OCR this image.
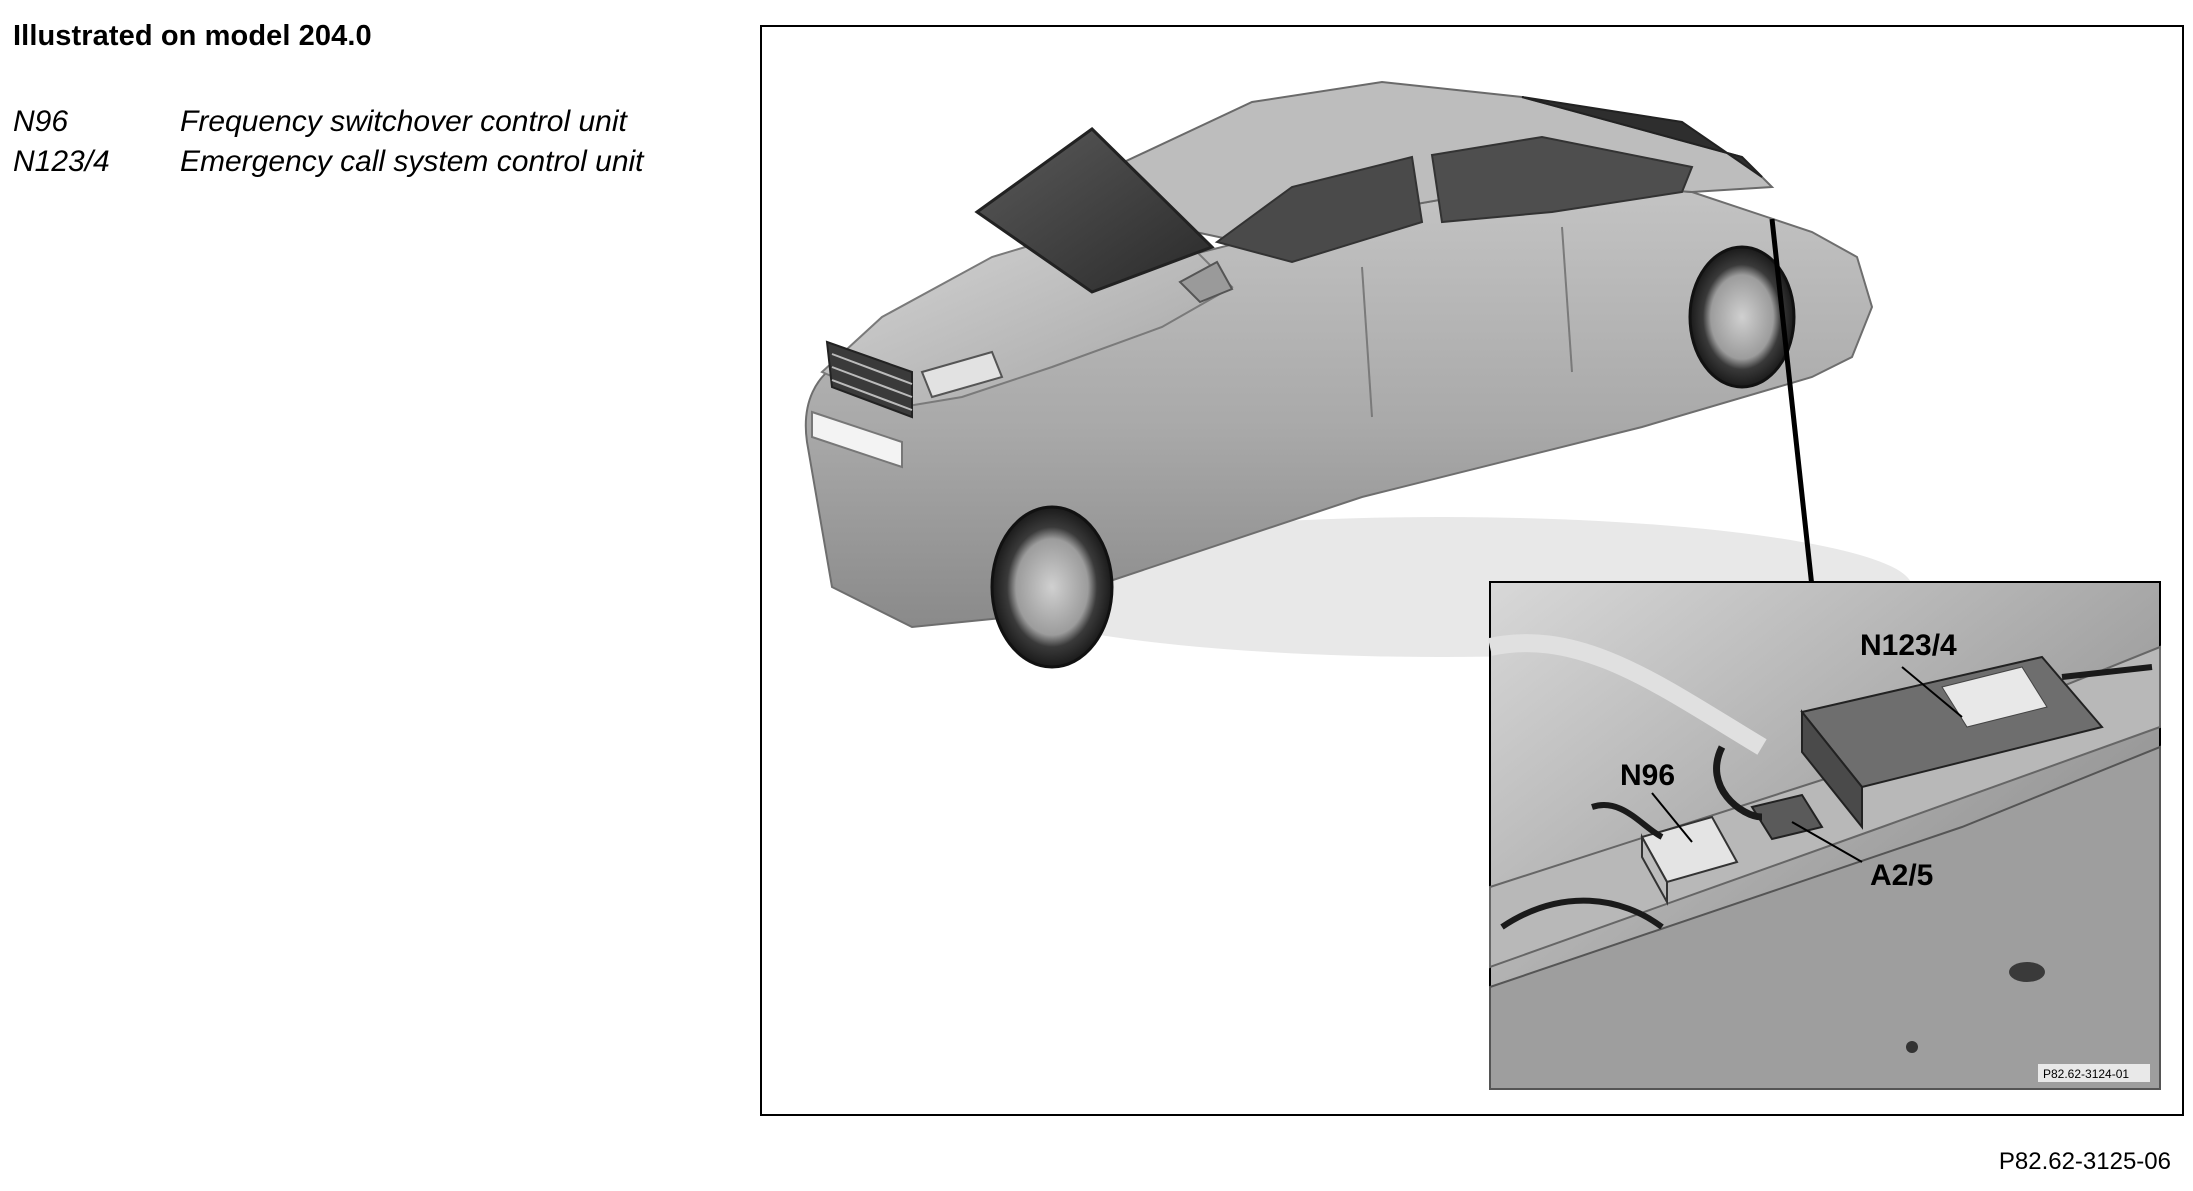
Illustrated on model 204.0
N96	Frequency switchover control unit
N123/4	Emergency call system control unit
N123/4
N96
A2/5
P82.62-3124-01

P82.62-3125-06
